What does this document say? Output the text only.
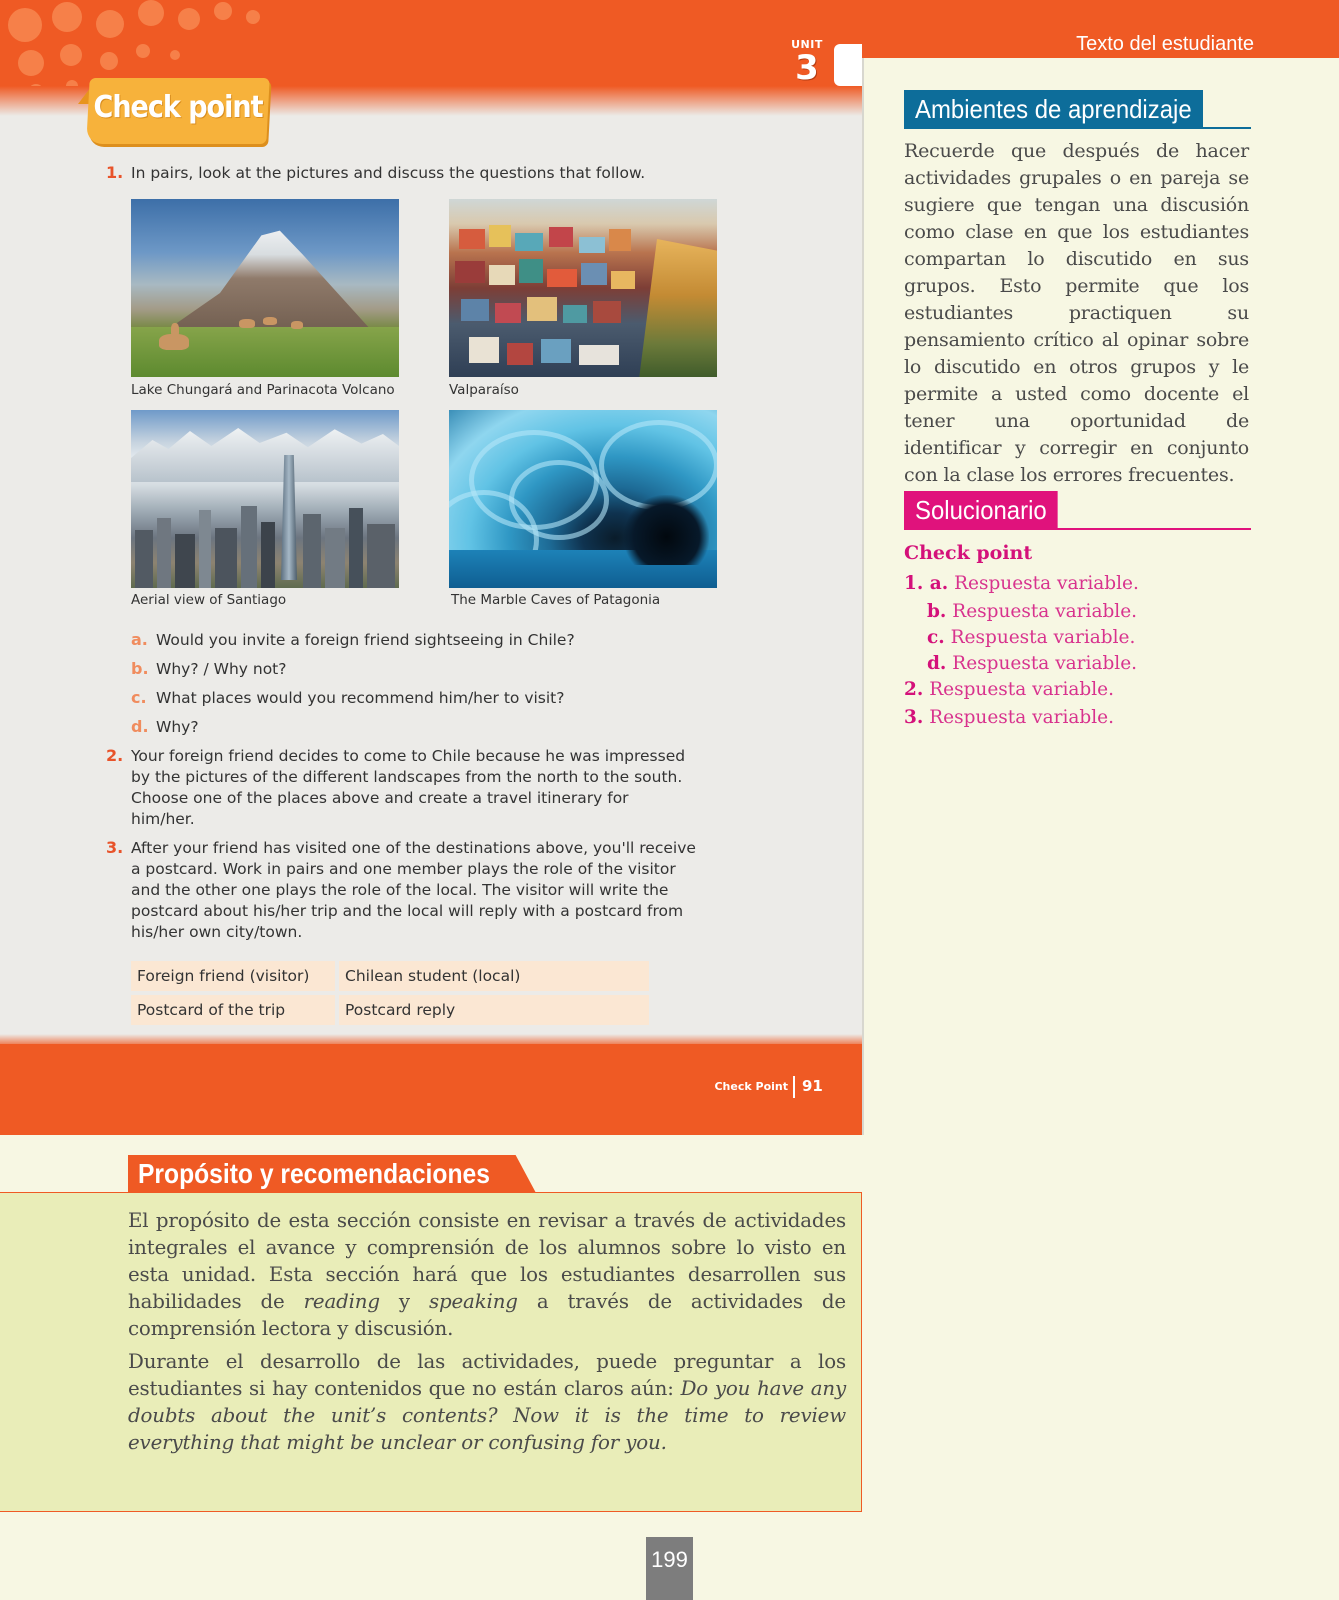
UNIT
3
Check point
1. In pairs, look at the pictures and discuss the questions that follow.
Lake Chungará and Parinacota Volcano	Valparaíso
Aerial view of Santiago	The Marble Caves of Patagonia
a. Would you invite a foreign friend sightseeing in Chile?
b. Why? / Why not?
c. What places would you recommend him/her to visit?
d. Why?
2. Your foreign friend decides to come to Chile because he was impressed by the pictures of the different landscapes from the north to the south. Choose one of the places above and create a travel itinerary for him/her.
3. After your friend has visited one of the destinations above, you'll receive a postcard. Work in pairs and one member plays the role of the visitor and the other one plays the role of the local. The visitor will write the postcard about his/her trip and the local will reply with a postcard from his/her own city/town.
Foreign friend (visitor)	Chilean student (local)
Postcard of the trip	Postcard reply
Check Point 91
Texto del estudiante
Ambientes de aprendizaje
Recuerde que después de hacer actividades grupales o en pareja se sugiere que tengan una discusión como clase en que los estudiantes compartan lo discutido en sus grupos. Esto permite que los estudiantes practiquen su pensamiento crítico al opinar sobre lo discutido en otros grupos y le permite a usted como docente el tener una oportunidad de identificar y corregir en conjunto con la clase los errores frecuentes.
Solucionario
Check point
1. a. Respuesta variable.
b. Respuesta variable.
c. Respuesta variable.
d. Respuesta variable.
2. Respuesta variable.
3. Respuesta variable.
Propósito y recomendaciones

El propósito de esta sección consiste en revisar a través de actividades integrales el avance y comprensión de los alumnos sobre lo visto en esta unidad. Esta sección hará que los estudiantes desarrollen sus habilidades de reading y speaking a través de actividades de comprensión lectora y discusión.

Durante el desarrollo de las actividades, puede preguntar a los estudiantes si hay contenidos que no están claros aún: Do you have any doubts about the unit’s contents? Now it is the time to review everything that might be unclear or confusing for you.

199
